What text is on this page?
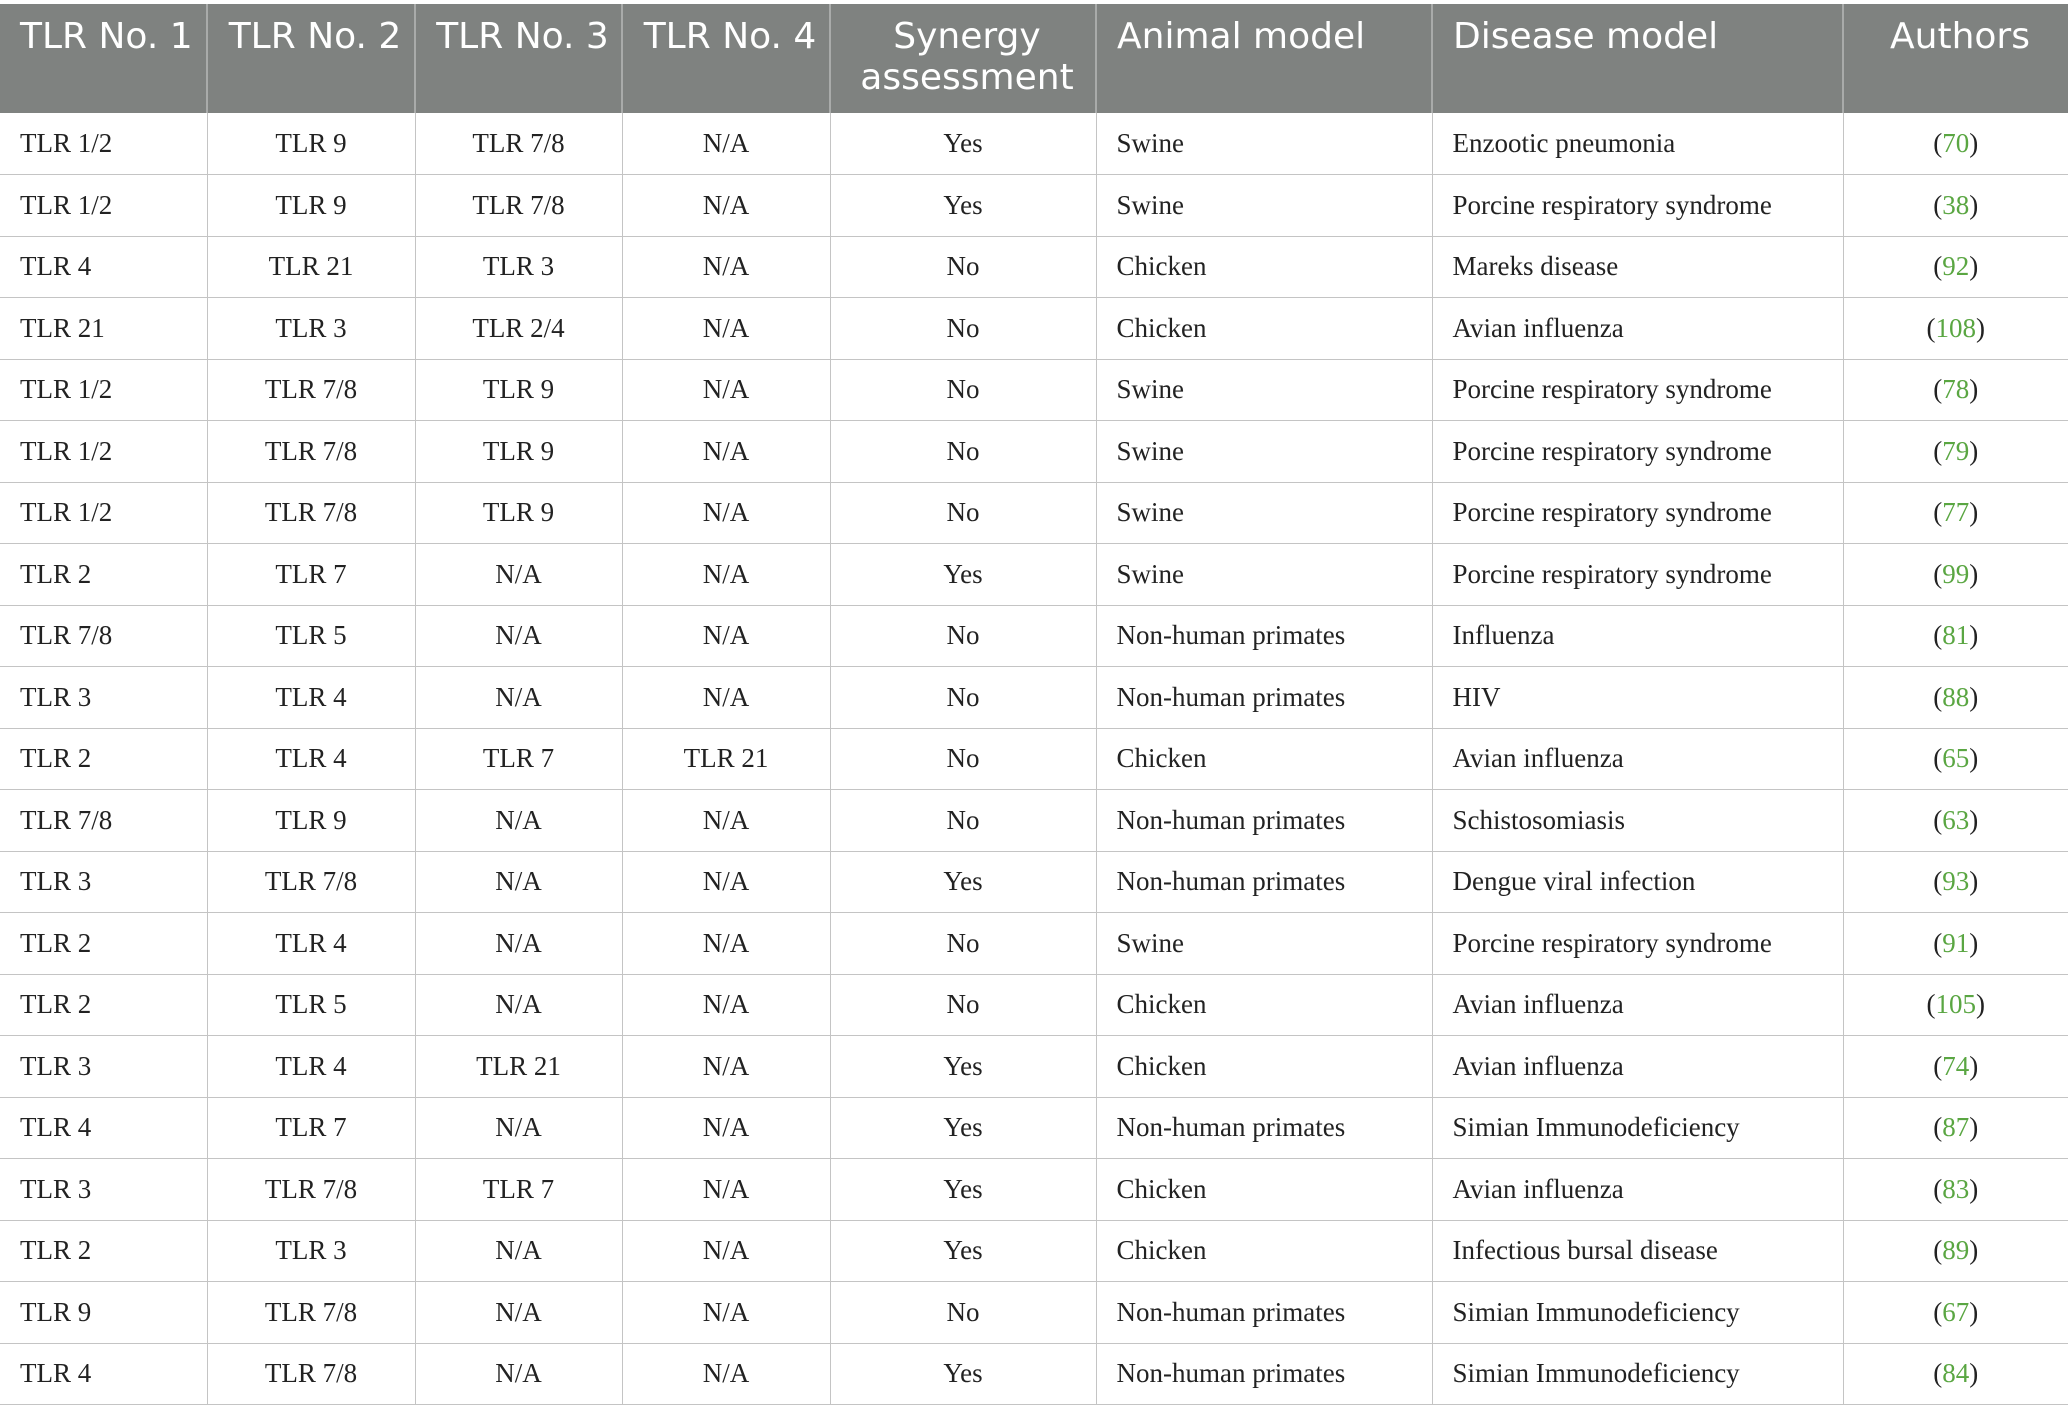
TLR No. 1	TLR No. 2	TLR No. 3	TLR No. 4	Synergy assessment	Animal model	Disease model	Authors
TLR 1/2	TLR 9	TLR 7/8	N/A	Yes	Swine	Enzootic pneumonia	(70)
TLR 1/2	TLR 9	TLR 7/8	N/A	Yes	Swine	Porcine respiratory syndrome	(38)
TLR 4	TLR 21	TLR 3	N/A	No	Chicken	Mareks disease	(92)
TLR 21	TLR 3	TLR 2/4	N/A	No	Chicken	Avian influenza	(108)
TLR 1/2	TLR 7/8	TLR 9	N/A	No	Swine	Porcine respiratory syndrome	(78)
TLR 1/2	TLR 7/8	TLR 9	N/A	No	Swine	Porcine respiratory syndrome	(79)
TLR 1/2	TLR 7/8	TLR 9	N/A	No	Swine	Porcine respiratory syndrome	(77)
TLR 2	TLR 7	N/A	N/A	Yes	Swine	Porcine respiratory syndrome	(99)
TLR 7/8	TLR 5	N/A	N/A	No	Non-human primates	Influenza	(81)
TLR 3	TLR 4	N/A	N/A	No	Non-human primates	HIV	(88)
TLR 2	TLR 4	TLR 7	TLR 21	No	Chicken	Avian influenza	(65)
TLR 7/8	TLR 9	N/A	N/A	No	Non-human primates	Schistosomiasis	(63)
TLR 3	TLR 7/8	N/A	N/A	Yes	Non-human primates	Dengue viral infection	(93)
TLR 2	TLR 4	N/A	N/A	No	Swine	Porcine respiratory syndrome	(91)
TLR 2	TLR 5	N/A	N/A	No	Chicken	Avian influenza	(105)
TLR 3	TLR 4	TLR 21	N/A	Yes	Chicken	Avian influenza	(74)
TLR 4	TLR 7	N/A	N/A	Yes	Non-human primates	Simian Immunodeficiency	(87)
TLR 3	TLR 7/8	TLR 7	N/A	Yes	Chicken	Avian influenza	(83)
TLR 2	TLR 3	N/A	N/A	Yes	Chicken	Infectious bursal disease	(89)
TLR 9	TLR 7/8	N/A	N/A	No	Non-human primates	Simian Immunodeficiency	(67)
TLR 4	TLR 7/8	N/A	N/A	Yes	Non-human primates	Simian Immunodeficiency	(84)
